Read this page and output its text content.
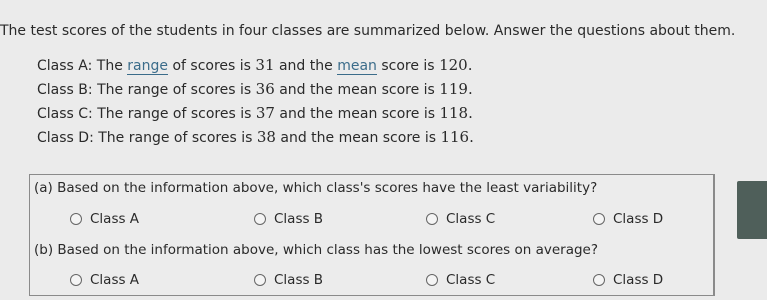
The test scores of the students in four classes are summarized below. Answer the questions about them.
Class A: The range of scores is 31 and the mean score is 120.
Class B: The range of scores is 36 and the mean score is 119.
Class C: The range of scores is 37 and the mean score is 118.
Class D: The range of scores is 38 and the mean score is 116.
(a) Based on the information above, which class's scores have the least variability?
Class A	Class B	Class C	Class D
(b) Based on the information above, which class has the lowest scores on average?
Class A	Class B	Class C	Class D
